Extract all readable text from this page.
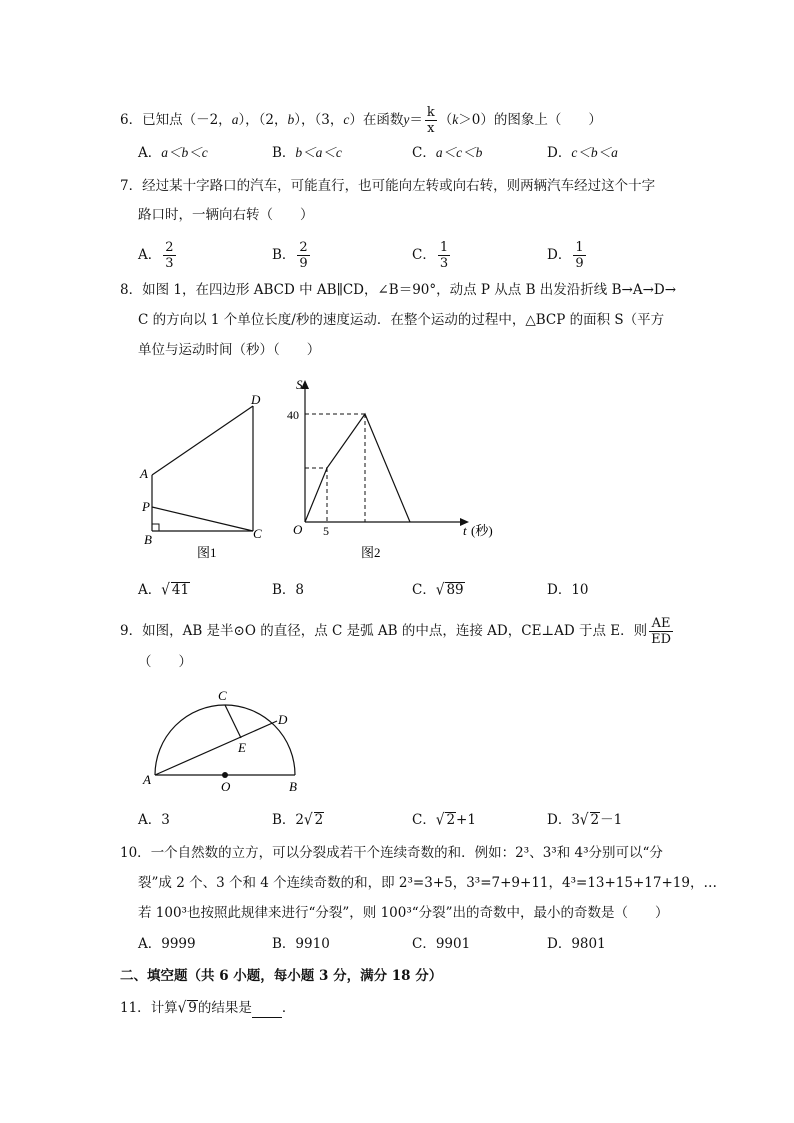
6．已知点（－2，a），（2，b），（3，c）在函数$y= \frac{k}{x} (k>0)$的图象上（　　）
A．a＜b＜c	B．b＜a＜c	C．a＜c＜b	D．c＜b＜a
7．经过某十字路口的汽车，可能直行，也可能向左转或向右转，则两辆汽车经过这个十字
路口时，一辆向右转（　　）
A． $\frac{2}{3}$	B． $\frac{2}{9}$	C． $\frac{1}{3}$	D． $\frac{1}{9}$
8．如图 1，在四边形 ABCD 中 AB∥CD，∠B＝90°，动点 P 从点 B 出发沿折线 B→A→D→
C 的方向以 1 个单位长度/秒的速度运动．在整个运动的过程中，△BCP 的面积 S（平方
单位与运动时间（秒）（　　）
A
P
B	C
D
图1
S
40
O 5	t (秒)
图2
A．√ 41	B．8	C．√ 89	D．10
9．如图，AB 是半⊙O 的直径，点 C 是弧 AB 的中点，连接 AD，CE⊥AD 于点 E．则 $\frac{AE}{ED}$
（　　）
A	O	B
C
D
E
A．3	B．2√ 2	C．√ 2+1	D．3√ 2－1
10．一个自然数的立方，可以分裂成若干个连续奇数的和．例如：2³、3³和 4³分别可以“分
裂”成 2 个、3 个和 4 个连续奇数的和，即 2³=3+5，3³=7+9+11，4³=13+15+17+19，…
若 100³也按照此规律来进行“分裂”，则 100³“分裂”出的奇数中，最小的奇数是（　　）
A．9999	B．9910	C．9901	D．9801
二、填空题（共 6 小题，每小题 3 分，满分 18 分）
11．计算√ 9的结果是 ．
